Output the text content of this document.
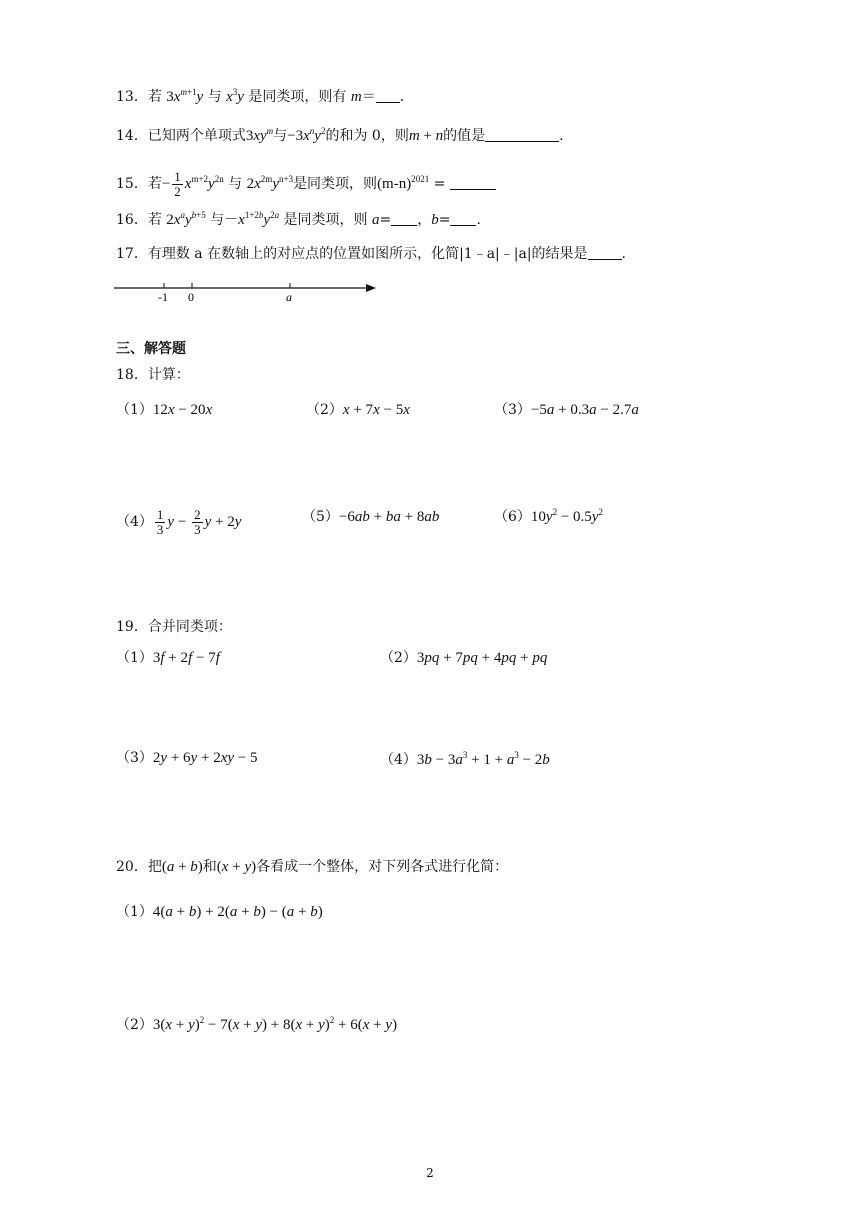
13．若 $3x^{m+1}y$ 与 $x^3y$ 是同类项，则有 m＝ .
14．已知两个单项式$3xy^m$与$-3x^ny^2$的和为 0，则m + n的值是	.
15．若− $\frac{1}{2} x^{m+2}y^{2n}$ 与 $2x^{2m}y^{n+3}$是同类项，则$(m-n)^{2021}$ =
16．若 $2x^ay^{b+5}$ 与$-x^{1+2b}y^{2a}$ 是同类项，则 a= ，b= .
17．有理数 a 在数轴上的对应点的位置如图所示，化简|1﹣a|﹣|a|的结果是 .
-1 0	a
三、解答题
18．计算：
（1）12x − 20x	（2）x + 7x − 5x	（3）−5a + 0.3a − 2.7a
$(4) \frac{1}{3}$ $y - \frac{2}{3}$ y + 2y	（5）−6ab + ba + 8ab	$(6)10y^2 - 0.5y^2$
19．合并同类项：
（1）3f + 2f − 7f	（2）3pq + 7pq + 4pq + pq
（3）2y + 6y + 2xy − 5	$(4)3b - 3a^3 + 1 + a^3 - 2b$
20．把(a + b)和(x + y)各看成一个整体，对下列各式进行化简：
（1）4(a + b) + 2(a + b) − (a + b)
$(2)3(x + y)^2 - 7(x + y) + 8(x + y)^2 + 6(x + y)$
2
